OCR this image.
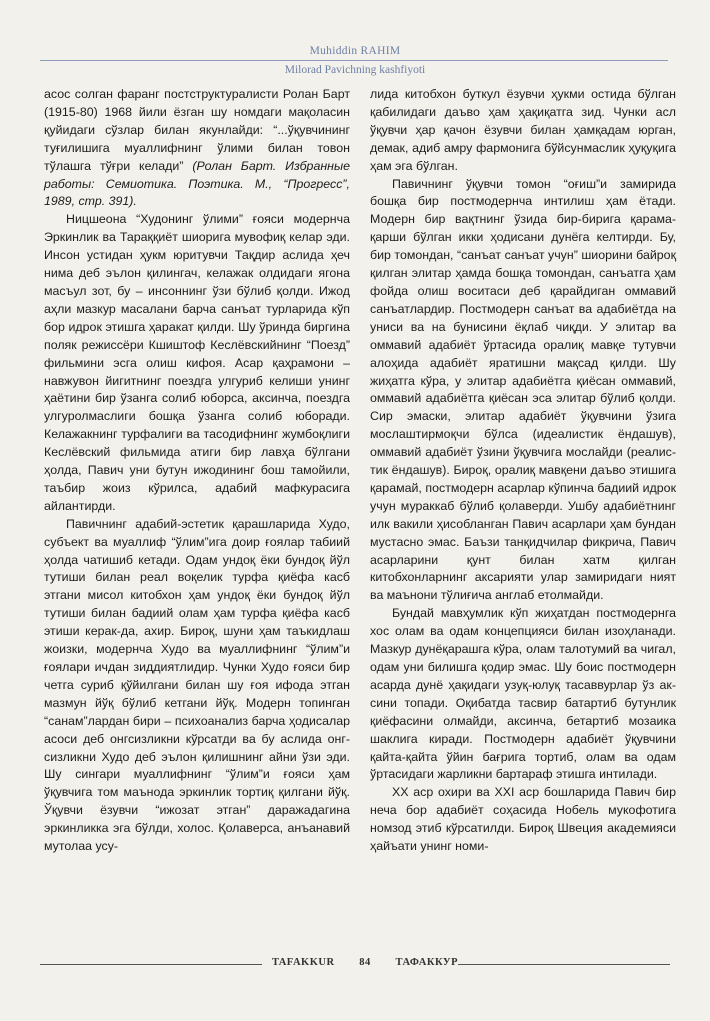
Muhiddin RAHIM
Milorad Pavichning kashfiyoti

асос солган фаранг постструктуралисти Ролан Барт (1915-80) 1968 йили ёзган шу номдаги мақоласин қуйидаги сўзлар билан якунлайди: “...ўқувчининг туғилишига муаллифнинг ўлими билан товон тўлашга тўғри келади” (Ролан Барт. Избранные работы: Семиотика. Поэтика. М., “Прогресс”, 1989, стр. 391).

Ницшеона “Худонинг ўлими” ғояси модернча Эркинлик ва Тараққиёт шиорига мувофиқ келар эди. Инсон устидан ҳукм юритувчи Тақдир аслида ҳеч нима деб эълон қилингач, келажак олдидаги ягона масъул зот, бу – инсоннинг ўзи бўлиб қолди. Ижод аҳли мазкур масалани барча санъат турларида кўп бор идрок этишга ҳаракат қилди. Шу ўринда биргина поляк режиссёри Кшиштоф Кеслёвскийнинг “Поезд” фильмини эсга олиш кифоя. Асар қаҳрамони – навжувон йигитнинг поездга улгуриб келиши унинг ҳаётини бир ўзанга солиб юборса, аксинча, поездга улгуролмаслиги бошқа ўзанга солиб юборади. Келажакнинг турфалиги ва тасодифнинг жумбоқлиги Кеслёвский фильмида атиги бир лавҳа бўлгани ҳолда, Павич уни бутун ижодининг бош тамойили, таъбир жоиз кўрилса, адабий мафкурасига айлантирди.

Павичнинг адабий-эстетик қарашларида Худо, субъект ва муаллиф “ўлим”ига доир ғоялар табиий ҳолда чатишиб кетади. Одам ундоқ ёки бундоқ йўл тутиши билан реал воқелик турфа қиёфа касб этгани мисол китобхон ҳам ундоқ ёки бундоқ йўл тутиши билан бадиий олам ҳам турфа қиёфа касб этиши керак-да, ахир. Бироқ, шуни ҳам таъкидлаш жоизки, модернча Худо ва муаллифнинг “ўлим”и ғоялари ичдан зиддиятлидир. Чунки Худо ғояси бир четга суриб қўйилгани билан шу ғоя ифода этган мазмун йўқ бўлиб кетгани йўқ. Модерн топинган “санам”лардан бири – психоанализ барча ҳодисалар асоси деб онгсизликни кўрсатди ва бу аслида онгсизликни Худо деб эълон қилишнинг айни ўзи эди. Шу сингари муаллифнинг “ўлим”и ғояси ҳам ўқувчига том маънода эркинлик тортиқ қилгани йўқ. Ўқувчи ёзувчи “ижозат этган” даражадагина эркинликка эга бўлди, холос. Қолаверса, анъанавий мутолаа усу-

лида китобхон буткул ёзувчи ҳукми остида бўлган қабилидаги даъво ҳам ҳақиқатга зид. Чунки асл ўқувчи ҳар қачон ёзувчи билан ҳамқадам юрган, демак, адиб амру фармонига бўйсунмаслик ҳуқуқига ҳам эга бўлган.

Павичнинг ўқувчи томон “оғиш”и замирида бошқа бир постмодернча интилиш ҳам ётади. Модерн бир вақтнинг ўзида бир-бирига қарама-қарши бўлган икки ҳодисани дунёга келтирди. Бу, бир томондан, “санъат санъат учун” шиорини байроқ қилган элитар ҳамда бошқа томондан, санъатга ҳам фойда олиш воситаси деб қарайдиган оммавий санъатлардир. Постмодерн санъат ва адабиётда на униси ва на бунисини ёқлаб чиқди. У элитар ва оммавий адабиёт ўртасида оралиқ мавқе тутувчи алоҳида адабиёт яратишни мақсад қилди. Шу жиҳатга кўра, у элитар адабиётга қиёсан оммавий, оммавий адабиётга қиёсан эса элитар бўлиб қолди. Сир эмаски, элитар адабиёт ўқувчини ўзига мослаштирмоқчи бўлса (идеалистик ёндашув), оммавий адабиёт ўзини ўқувчига мослайди (реалистик ёндашув). Бироқ, оралиқ мавқени даъво этишига қарамай, постмодерн асарлар кўпинча бадиий идрок учун мураккаб бўлиб қолаверди. Ушбу адабиётнинг илк вакили ҳисобланган Павич асарлари ҳам бундан мустасно эмас. Баъзи танқидчилар фикрича, Павич асарларини қунт билан хатм қилган китобхонларнинг аксарияти улар замиридаги ният ва маънони тўлиғича англаб етолмайди.

Бундай мавҳумлик кўп жиҳатдан постмодернга хос олам ва одам концепцияси билан изоҳланади. Мазкур дунёқарашга кўра, олам талотумий ва чигал, одам уни билишга қодир эмас. Шу боис постмодерн асарда дунё ҳақидаги узуқ-юлуқ тасаввурлар ўз аксини топади. Оқибатда тасвир батартиб бутунлик қиёфасини олмайди, аксинча, бетартиб мозаика шаклига киради. Постмодерн адабиёт ўқувчини қайта-қайта ўйин бағрига тортиб, олам ва одам ўртасидаги жарликни бартараф этишга интилади.

XX аср охири ва XXI аср бошларида Павич бир неча бор адабиёт соҳасида Нобель мукофотига номзод этиб кўрсатилди. Бироқ Швеция академияси ҳайъати унинг номи-

TAFAKKUR 84 ТАФАККУР
